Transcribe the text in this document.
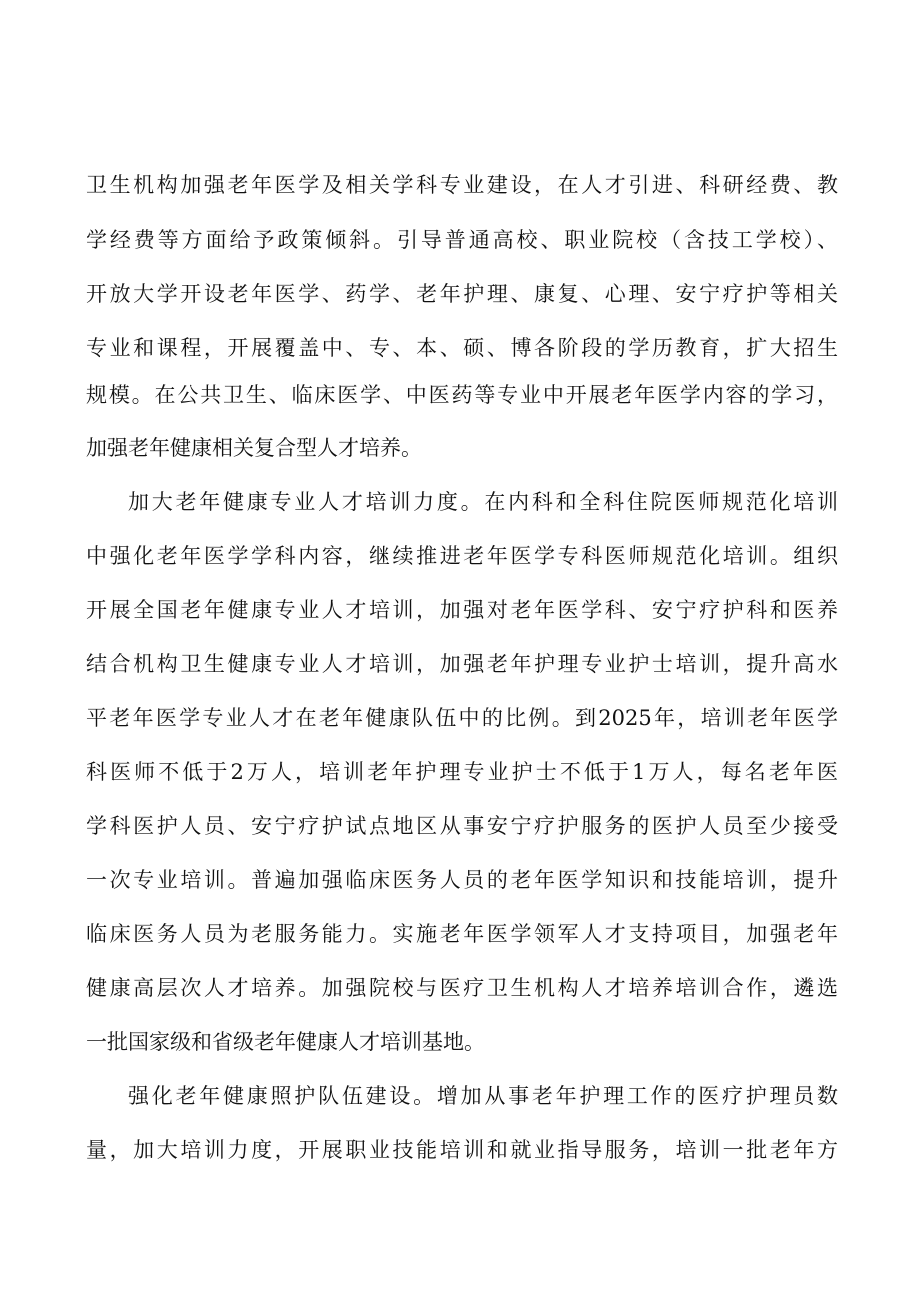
卫生机构加强老年医学及相关学科专业建设，在人才引进、科研经费、教
学经费等方面给予政策倾斜。引导普通高校、职业院校（含技工学校）、
开放大学开设老年医学、药学、老年护理、康复、心理、安宁疗护等相关
专业和课程，开展覆盖中、专、本、硕、博各阶段的学历教育，扩大招生
规模。在公共卫生、临床医学、中医药等专业中开展老年医学内容的学习，
加强老年健康相关复合型人才培养。
加大老年健康专业人才培训力度。在内科和全科住院医师规范化培训
中强化老年医学学科内容，继续推进老年医学专科医师规范化培训。组织
开展全国老年健康专业人才培训，加强对老年医学科、安宁疗护科和医养
结合机构卫生健康专业人才培训，加强老年护理专业护士培训，提升高水
平老年医学专业人才在老年健康队伍中的比例。到2025年，培训老年医学
科医师不低于2万人，培训老年护理专业护士不低于1万人，每名老年医
学科医护人员、安宁疗护试点地区从事安宁疗护服务的医护人员至少接受
一次专业培训。普遍加强临床医务人员的老年医学知识和技能培训，提升
临床医务人员为老服务能力。实施老年医学领军人才支持项目，加强老年
健康高层次人才培养。加强院校与医疗卫生机构人才培养培训合作，遴选
一批国家级和省级老年健康人才培训基地。
强化老年健康照护队伍建设。增加从事老年护理工作的医疗护理员数
量，加大培训力度，开展职业技能培训和就业指导服务，培训一批老年方
